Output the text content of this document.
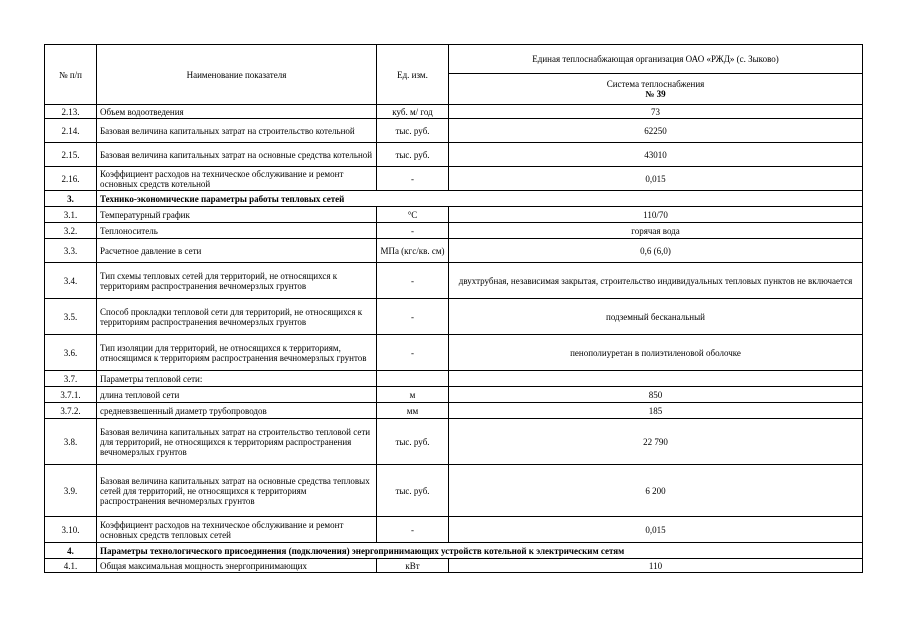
№ п/п	Наименование показателя	Ед. изм.	Единая теплоснабжающая организация ОАО «РЖД» (с. Зыково)
			Система теплоснабжения
№ 39

2.13.	Объем водоотведения	куб. м/ год	73
2.14.	Базовая величина капитальных затрат на строительство котельной	тыс. руб.	62250
2.15.	Базовая величина капитальных затрат на основные средства котельной	тыс. руб.	43010
2.16.	Коэффициент расходов на техническое обслуживание и ремонт основных средств котельной	-	0,015
3.	Технико-экономические параметры работы тепловых сетей		
3.1.	Температурный график	°С	110/70
3.2.	Теплоноситель	-	горячая вода
3.3.	Расчетное давление в сети	МПа (кгс/кв. см)	0,6 (6,0)
3.4.	Тип схемы тепловых сетей для территорий, не относящихся к территориям распространения вечномерзлых грунтов	-	двухтрубная, независимая закрытая, строительство индивидуальных тепловых пунктов не включается
3.5.	Способ прокладки тепловой сети для территорий, не относящихся к территориям распространения вечномерзлых грунтов	-	подземный бесканальный
3.6.	Тип изоляции для территорий, не относящихся к территориям, относящимся к территориям распространения вечномерзлых грунтов	-	пенополиуретан в полиэтиленовой оболочке
3.7.	Параметры тепловой сети:		
3.7.1.	длина тепловой сети	м	850
3.7.2.	средневзвешенный диаметр трубопроводов	мм	185
3.8.	Базовая величина капитальных затрат на строительство тепловой сети для территорий, не относящихся к территориям распространения вечномерзлых грунтов	тыс. руб.	22 790
3.9.	Базовая величина капитальных затрат на основные средства тепловых сетей для территорий, не относящихся к территориям распространения вечномерзлых грунтов	тыс. руб.	6 200
3.10.	Коэффициент расходов на техническое обслуживание и ремонт основных средств тепловых сетей	-	0,015
4.	Параметры технологического присоединения (подключения) энергопринимающих устройств котельной к электрическим сетям		
4.1.	Общая максимальная мощность энергопринимающих	кВт	110
